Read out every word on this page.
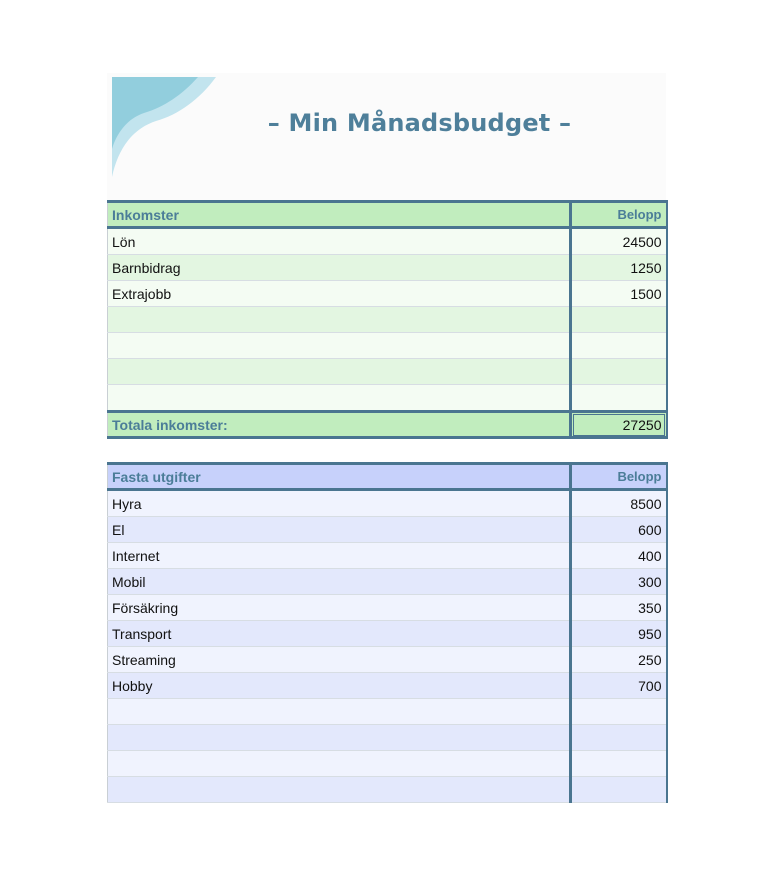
– Min Månadsbudget –
Inkomster	Belopp
Lön	24500
Barnbidrag	1250
Extrajobb	1500

Totala inkomster:	27250
Fasta utgifter	Belopp
Hyra	8500
El	600
Internet	400
Mobil	300
Försäkring	350
Transport	950
Streaming	250
Hobby	700
